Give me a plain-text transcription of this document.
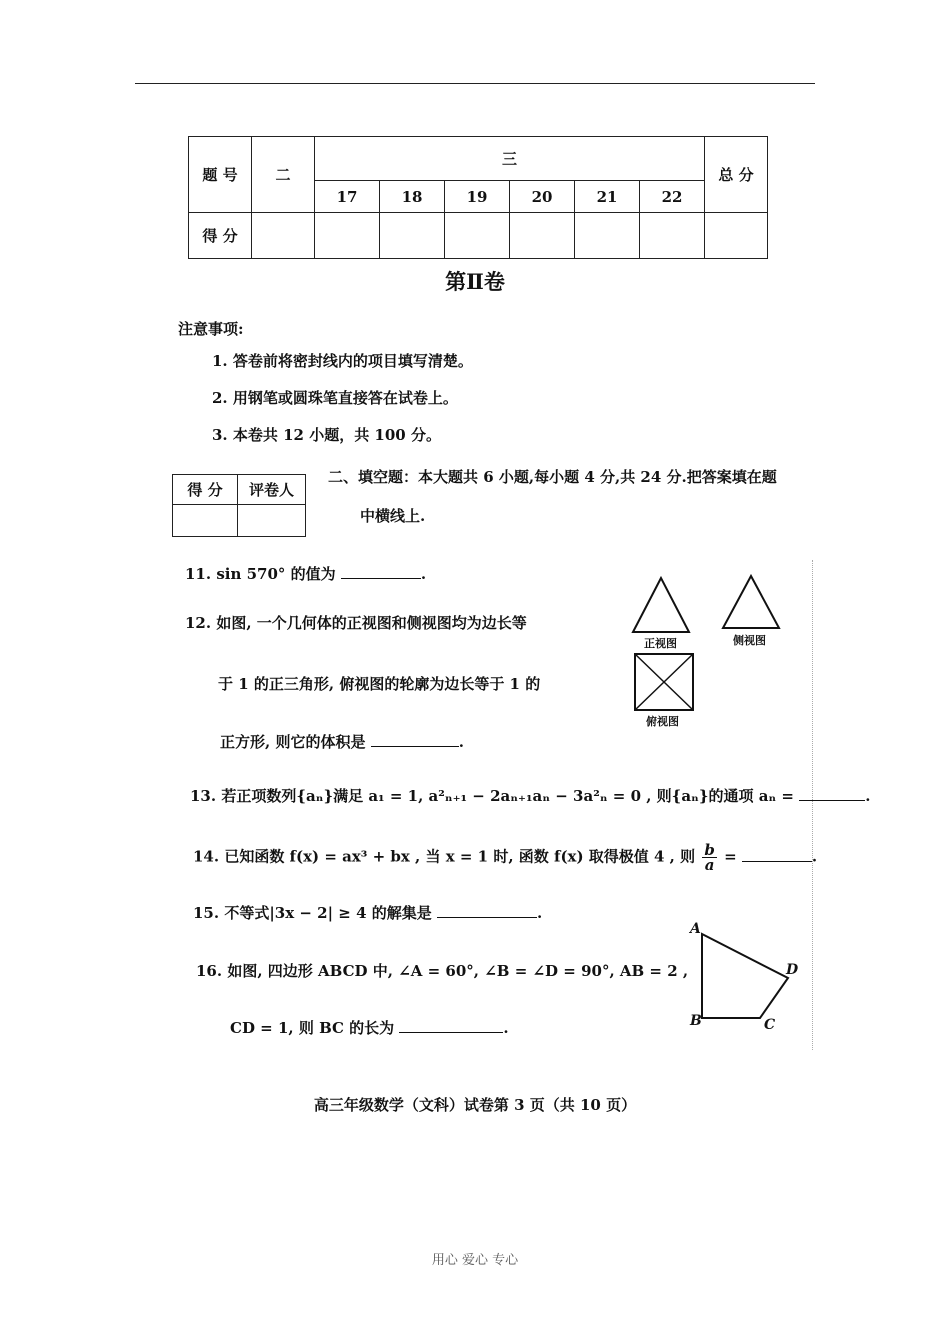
题 号	二	三						总 分
		17	18	19	20	21	22	
得 分								
第Ⅱ卷
注意事项:
1. 答卷前将密封线内的项目填写清楚。
2. 用钢笔或圆珠笔直接答在试卷上。
3. 本卷共 12 小题，共 100 分。
得 分	评卷人

二、填空题：本大题共 6 小题,每小题 4 分,共 24 分.把答案填在题
中横线上.
11. sin 570° 的值为	.
12. 如图, 一个几何体的正视图和侧视图均为边长等
于 1 的正三角形, 俯视图的轮廓为边长等于 1 的
正方形, 则它的体积是	.
正视图	侧视图
俯视图
13. 若正项数列{aₙ}满足 a₁ = 1, a²ₙ₊₁ − 2aₙ₊₁aₙ − 3a²ₙ = 0 , 则{aₙ}的通项 aₙ =	.
14. 已知函数 f(x) = ax³ + bx , 当 x = 1 时, 函数 f(x) 取得极值 4 , 则 $\frac{b}{a}$ =	.
15. 不等式|3x − 2| ≥ 4 的解集是	.
16. 如图, 四边形 ABCD 中, ∠A = 60°, ∠B = ∠D = 90°, AB = 2 ,
CD = 1, 则 BC 的长为	.
A
B	C
D
高三年级数学（文科）试卷第 3 页（共 10 页）
用心 爱心 专心
